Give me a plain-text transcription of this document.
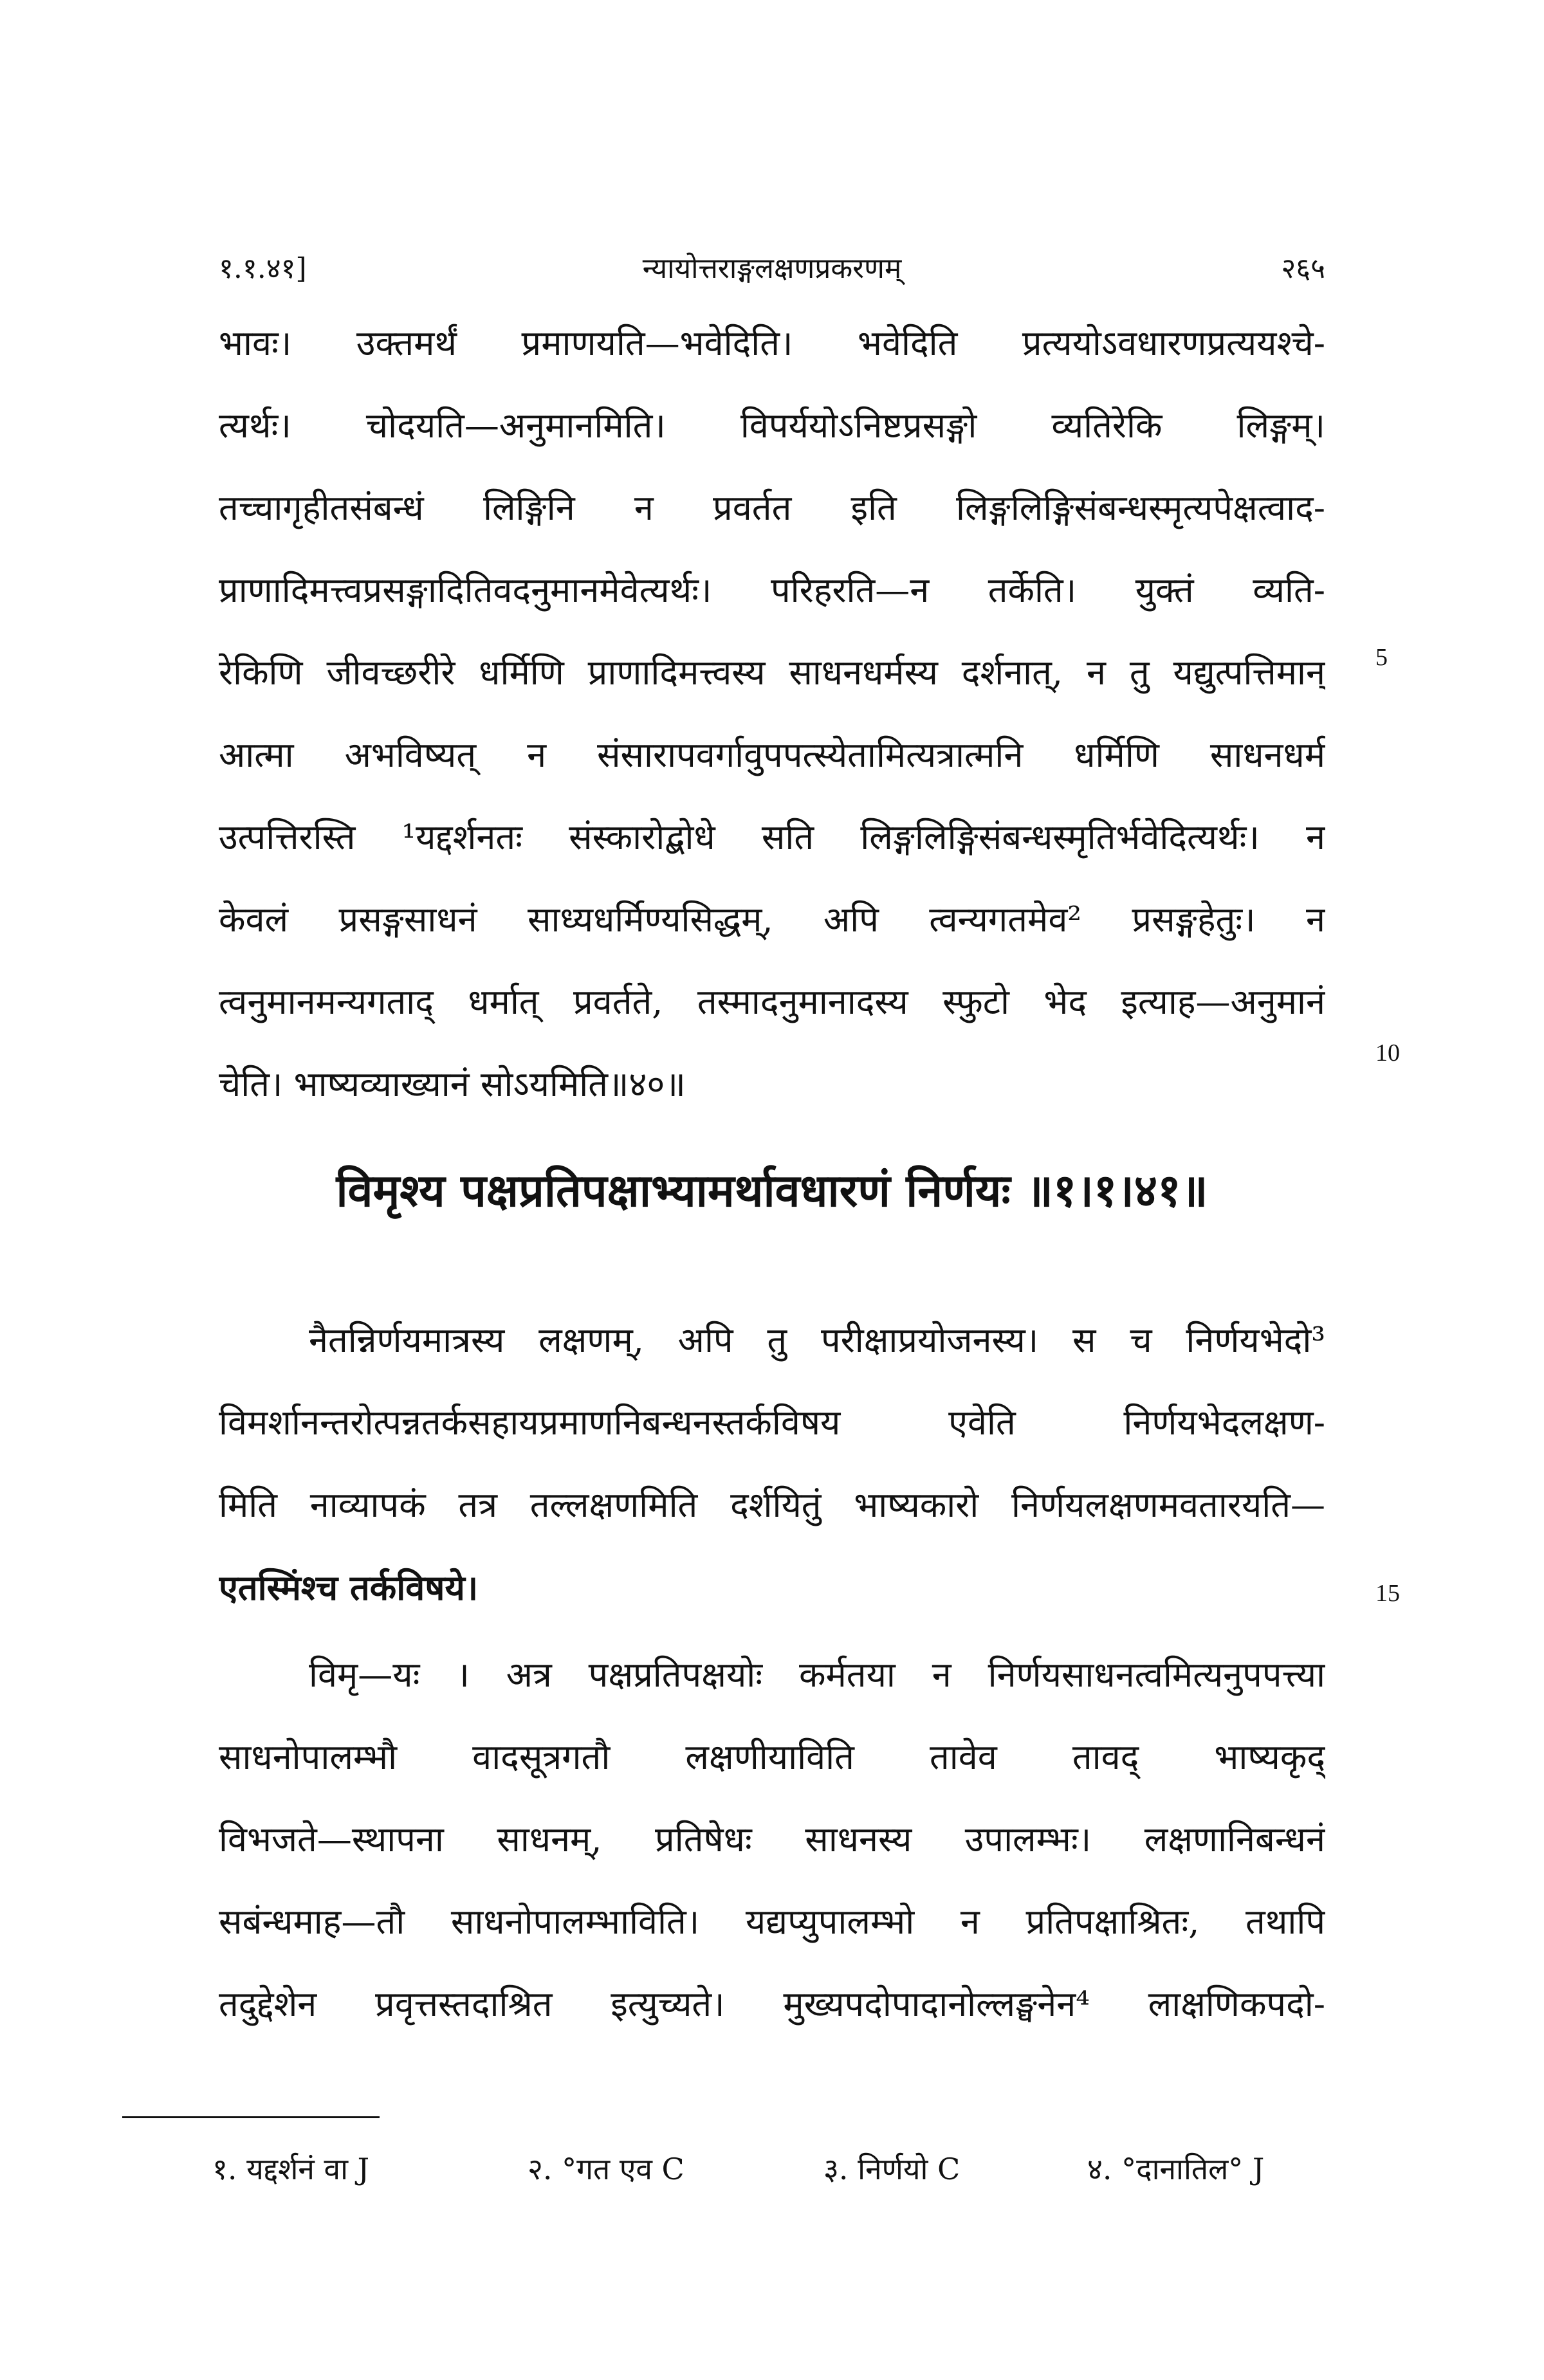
१.१.४१]	न्यायोत्तराङ्गलक्षणप्रकरणम्	२६५
भावः। उक्तमर्थं प्रमाणयति—भवेदिति। भवेदिति प्रत्ययोऽवधारणप्रत्ययश्चे-
त्यर्थः। चोदयति—अनुमानमिति। विपर्ययोऽनिष्टप्रसङ्गो व्यतिरेकि लिङ्गम्।
तच्चागृहीतसंबन्धं लिङ्गिनि न प्रवर्तत इति लिङ्गलिङ्गिसंबन्धस्मृत्यपेक्षत्वाद-
प्राणादिमत्त्वप्रसङ्गादितिवदनुमानमेवेत्यर्थः। परिहरति—न तर्केति। युक्तं व्यति-
रेकिणि जीवच्छरीरे धर्मिणि प्राणादिमत्त्वस्य साधनधर्मस्य दर्शनात्, न तु यद्युत्पत्तिमान्
आत्मा अभविष्यत् न संसारापवर्गावुपपत्स्येतामित्यत्रात्मनि धर्मिणि साधनधर्म
उत्पत्तिरस्ति ¹यद्दर्शनतः संस्कारोद्बोधे सति लिङ्गलिङ्गिसंबन्धस्मृतिर्भवेदित्यर्थः। न
केवलं प्रसङ्गसाधनं साध्यधर्मिण्यसिद्धम्, अपि त्वन्यगतमेव² प्रसङ्गहेतुः। न
त्वनुमानमन्यगताद् धर्मात् प्रवर्तते, तस्मादनुमानादस्य स्फुटो भेद इत्याह—अनुमानं
चेति। भाष्यव्याख्यानं सोऽयमिति॥४०॥
विमृश्य पक्षप्रतिपक्षाभ्यामर्थावधारणं निर्णयः ॥१।१।४१॥
नैतन्निर्णयमात्रस्य लक्षणम्, अपि तु परीक्षाप्रयोजनस्य। स च निर्णयभेदो³
विमर्शानन्तरोत्पन्नतर्कसहायप्रमाणनिबन्धनस्तर्कविषय एवेति निर्णयभेदलक्षण-
मिति नाव्यापकं तत्र तल्लक्षणमिति दर्शयितुं भाष्यकारो निर्णयलक्षणमवतारयति—
एतस्मिंश्च तर्कविषये।
विमृ—यः । अत्र पक्षप्रतिपक्षयोः कर्मतया न निर्णयसाधनत्वमित्यनुपपत्त्या
साधनोपालम्भौ वादसूत्रगतौ लक्षणीयाविति तावेव तावद् भाष्यकृद्
विभजते—स्थापना साधनम्, प्रतिषेधः साधनस्य उपालम्भः। लक्षणानिबन्धनं
सबंन्धमाह—तौ साधनोपालम्भाविति। यद्यप्युपालम्भो न प्रतिपक्षाश्रितः, तथापि
तदुद्देशेन प्रवृत्तस्तदाश्रित इत्युच्यते। मुख्यपदोपादानोल्लङ्घनेन⁴ लाक्षणिकपदो-
5
10
15
१. यद्दर्शनं वा J	२. °गत एव C	३. निर्णयो C	४. °दानातिल° J
